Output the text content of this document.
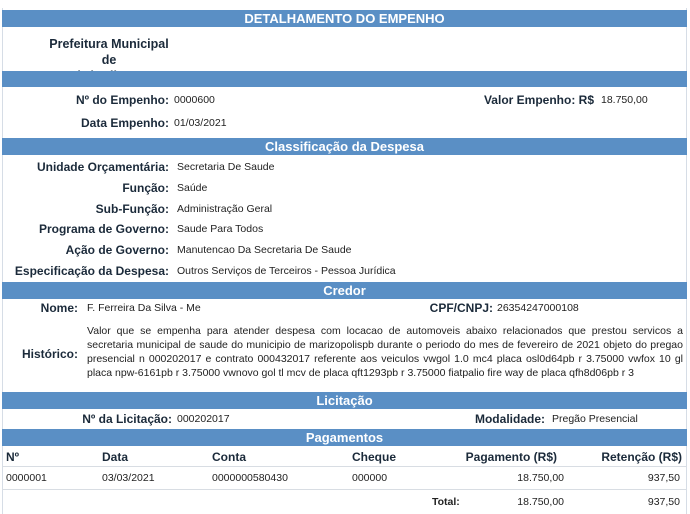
DETALHAMENTO DO EMPENHO
Prefeitura Municipal de
Nº do Empenho: 0000600	Valor Empenho: R$ 18.750,00
Data Empenho: 01/03/2021
Classificação da Despesa
Unidade Orçamentária: Secretaria De Saude
Função: Saúde
Sub-Função: Administração Geral
Programa de Governo: Saude Para Todos
Ação de Governo: Manutencao Da Secretaria De Saude
Especificação da Despesa: Outros Serviços de Terceiros - Pessoa Jurídica
Credor
Nome: F. Ferreira Da Silva - Me	CPF/CNPJ: 26354247000108
Histórico:
Valor que se empenha para atender despesa com locacao de automoveis abaixo relacionados que prestou servicos a secretaria municipal de saude do municipio de marizopolispb durante o periodo do mes de fevereiro de 2021 objeto do pregao presencial n 000202017 e contrato 000432017 referente aos veiculos vwgol 1.0 mc4 placa osl0d64pb r 3.75000 vwfox 10 gl placa npw-6161pb r 3.75000 vwnovo gol tl mcv de placa qft1293pb r 3.75000 fiatpalio fire way de placa qfh8d06pb r 3
Licitação
Nº da Licitação: 000202017	Modalidade: Pregão Presencial
Pagamentos
Nº	Data	Conta	Cheque	Pagamento (R$)	Retenção (R$)
0000001	03/03/2021	0000000580430	000000	18.750,00	937,50
Total:	18.750,00	937,50
